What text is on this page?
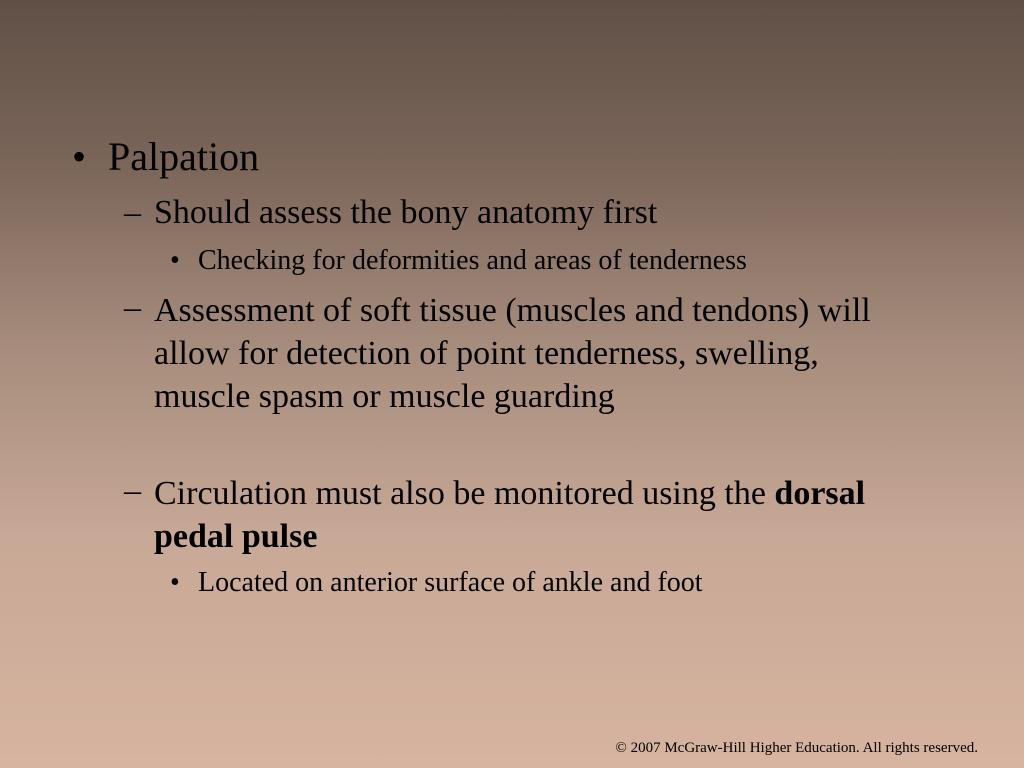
• Palpation
– Should assess the bony anatomy first
• Checking for deformities and areas of tenderness
– Assessment of soft tissue (muscles and tendons) will allow for detection of point tenderness, swelling, muscle spasm or muscle guarding
– Circulation must also be monitored using the dorsal pedal pulse
• Located on anterior surface of ankle and foot
© 2007 McGraw-Hill Higher Education. All rights reserved.
